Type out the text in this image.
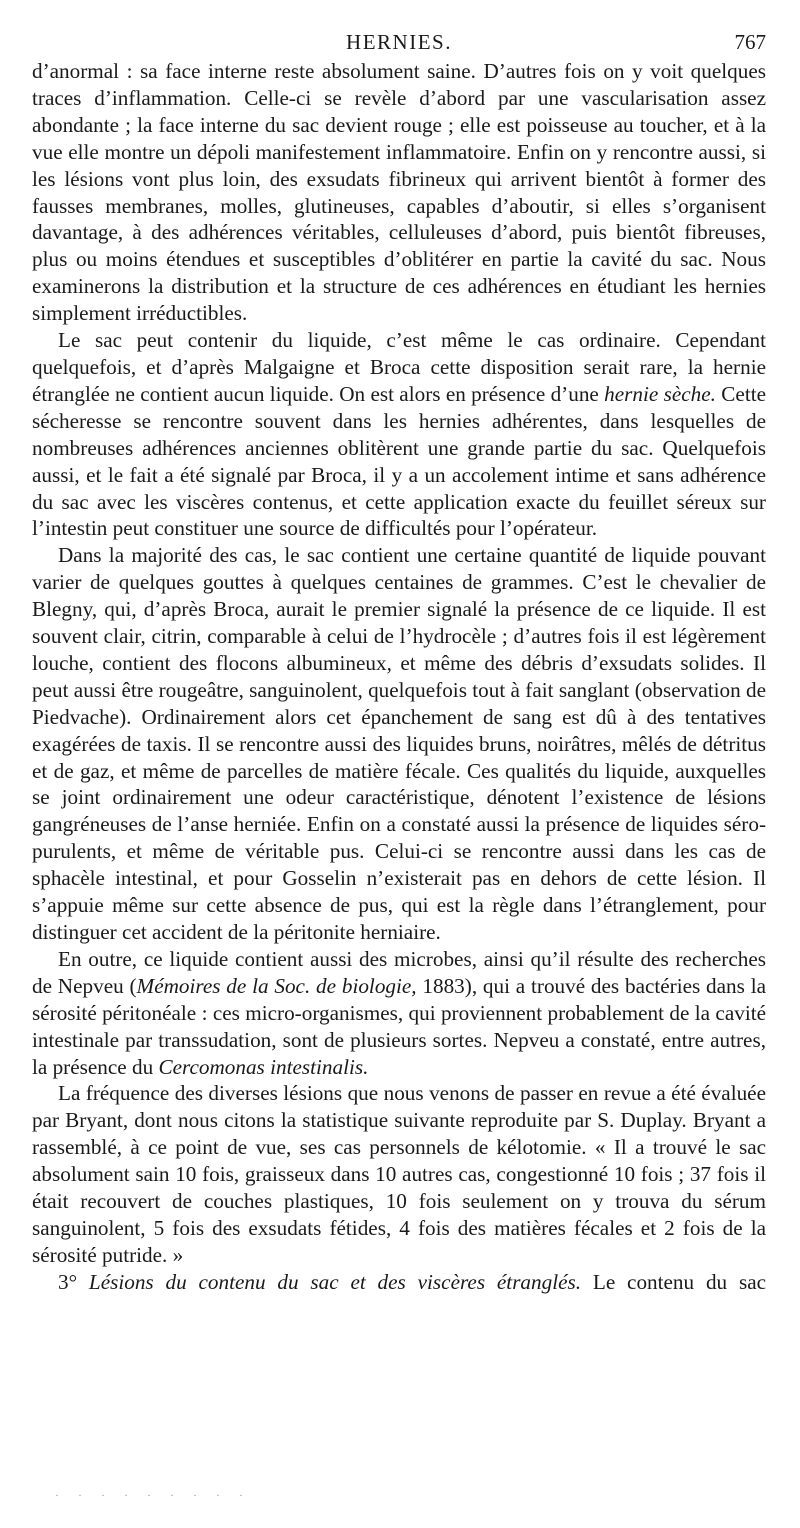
HERNIES.	767

d’anormal : sa face interne reste absolument saine. D’autres fois on y voit quelques traces d’inflammation. Celle-ci se revèle d’abord par une vascularisation assez abondante ; la face interne du sac devient rouge ; elle est poisseuse au toucher, et à la vue elle montre un dépoli manifestement inflammatoire. Enfin on y rencontre aussi, si les lésions vont plus loin, des exsudats fibrineux qui arrivent bientôt à former des fausses membranes, molles, glutineuses, capables d’aboutir, si elles s’organisent davantage, à des adhérences véritables, celluleuses d’abord, puis bientôt fibreuses, plus ou moins étendues et susceptibles d’oblitérer en partie la cavité du sac. Nous examinerons la distribution et la structure de ces adhérences en étudiant les hernies simplement irréductibles.

Le sac peut contenir du liquide, c’est même le cas ordinaire. Cependant quelquefois, et d’après Malgaigne et Broca cette disposition serait rare, la hernie étranglée ne contient aucun liquide. On est alors en présence d’une hernie sèche. Cette sécheresse se rencontre souvent dans les hernies adhérentes, dans lesquelles de nombreuses adhérences anciennes oblitèrent une grande partie du sac. Quelquefois aussi, et le fait a été signalé par Broca, il y a un accolement intime et sans adhérence du sac avec les viscères contenus, et cette application exacte du feuillet séreux sur l’intestin peut constituer une source de difficultés pour l’opérateur.

Dans la majorité des cas, le sac contient une certaine quantité de liquide pouvant varier de quelques gouttes à quelques centaines de grammes. C’est le chevalier de Blegny, qui, d’après Broca, aurait le premier signalé la présence de ce liquide. Il est souvent clair, citrin, comparable à celui de l’hydrocèle ; d’autres fois il est légèrement louche, contient des flocons albumineux, et même des débris d’exsudats solides. Il peut aussi être rougeâtre, sanguinolent, quelquefois tout à fait sanglant (observation de Piedvache). Ordinairement alors cet épanchement de sang est dû à des tentatives exagérées de taxis. Il se rencontre aussi des liquides bruns, noirâtres, mêlés de détritus et de gaz, et même de parcelles de matière fécale. Ces qualités du liquide, auxquelles se joint ordinairement une odeur caractéristique, dénotent l’existence de lésions gangréneuses de l’anse herniée. Enfin on a constaté aussi la présence de liquides séro-purulents, et même de véritable pus. Celui-ci se rencontre aussi dans les cas de sphacèle intestinal, et pour Gosselin n’existerait pas en dehors de cette lésion. Il s’appuie même sur cette absence de pus, qui est la règle dans l’étranglement, pour distinguer cet accident de la péritonite herniaire.

En outre, ce liquide contient aussi des microbes, ainsi qu’il résulte des recherches de Nepveu (Mémoires de la Soc. de biologie, 1883), qui a trouvé des bactéries dans la sérosité péritonéale : ces micro-organismes, qui proviennent probablement de la cavité intestinale par transsudation, sont de plusieurs sortes. Nepveu a constaté, entre autres, la présence du Cercomonas intestinalis.

La fréquence des diverses lésions que nous venons de passer en revue a été évaluée par Bryant, dont nous citons la statistique suivante reproduite par S. Duplay. Bryant a rassemblé, à ce point de vue, ses cas personnels de kélotomie. « Il a trouvé le sac absolument sain 10 fois, graisseux dans 10 autres cas, congestionné 10 fois ; 37 fois il était recouvert de couches plastiques, 10 fois seulement on y trouva du sérum sanguinolent, 5 fois des exsudats fétides, 4 fois des matières fécales et 2 fois de la sérosité putride. »

3° Lésions du contenu du sac et des viscères étranglés. Le contenu du sac

· · · · · · · · ·
